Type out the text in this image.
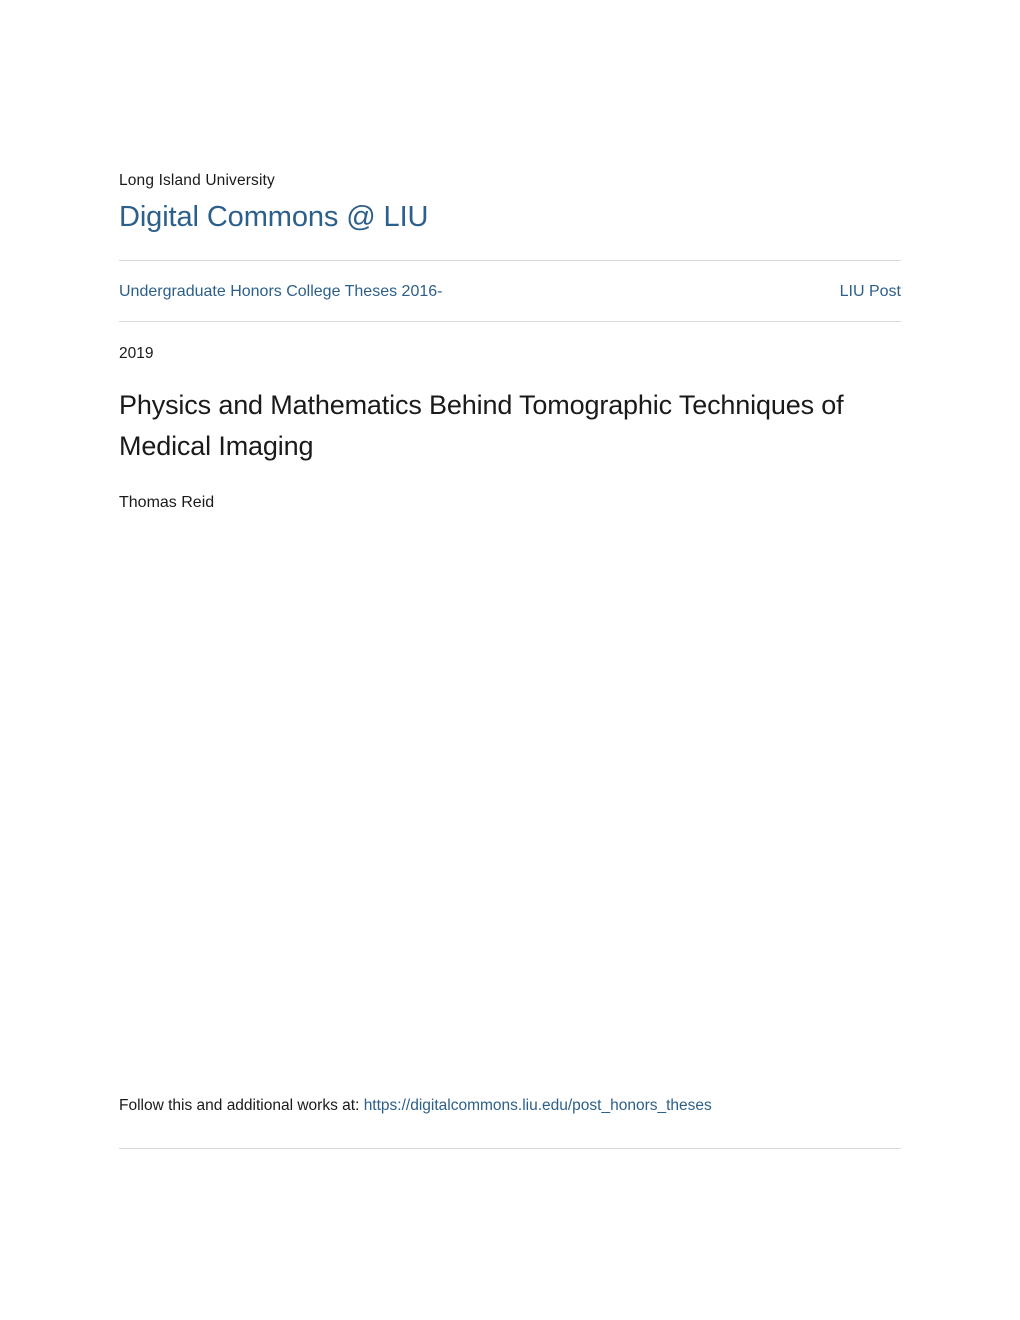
Long Island University
Digital Commons @ LIU
Undergraduate Honors College Theses 2016-	LIU Post
2019
Physics and Mathematics Behind Tomographic Techniques of Medical Imaging
Thomas Reid
Follow this and additional works at: https://digitalcommons.liu.edu/post_honors_theses
